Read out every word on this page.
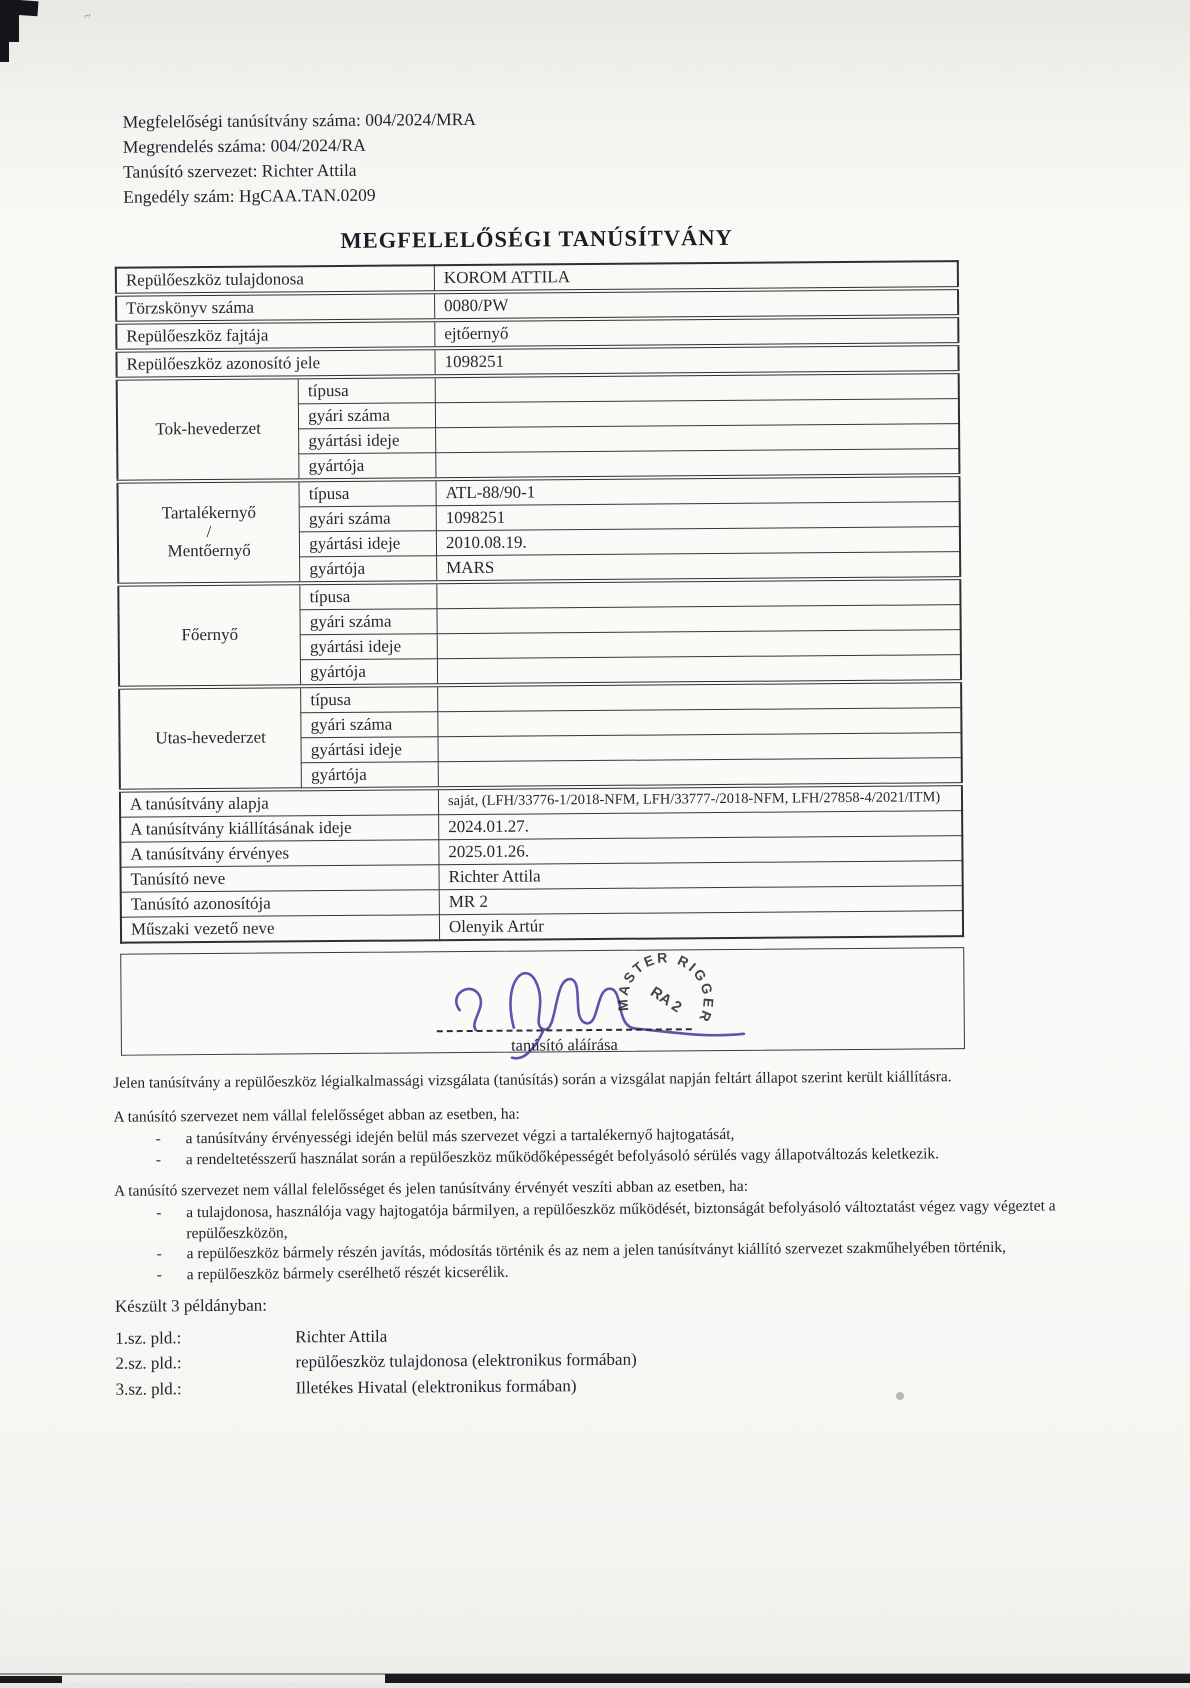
Megfelelőségi tanúsítvány száma: 004/2024/MRA
Megrendelés száma: 004/2024/RA
Tanúsító szervezet: Richter Attila
Engedély szám: HgCAA.TAN.0209
MEGFELELŐSÉGI TANÚSÍTVÁNY
Repülőeszköz tulajdonosa		KOROM ATTILA
Törzskönyv száma		0080/PW
Repülőeszköz fajtája		ejtőernyő
Repülőeszköz azonosító jele		1098251
Tok-hevederzet	típusa	
	gyári száma	
	gyártási ideje	
	gyártója	
Tartalékernyő
/
Mentőernyő	típusa	ATL-88/90-1
	gyári száma	1098251
	gyártási ideje	2010.08.19.
	gyártója	MARS
Főernyő	típusa	
	gyári száma	
	gyártási ideje	
	gyártója	
Utas-hevederzet	típusa	
	gyári száma	
	gyártási ideje	
	gyártója	
A tanúsítvány alapja		saját, (LFH/33776-1/2018-NFM, LFH/33777-/2018-NFM, LFH/27858-4/2021/ITM)
A tanúsítvány kiállításának ideje		2024.01.27.
A tanúsítvány érvényes		2025.01.26.
Tanúsító neve		Richter Attila
Tanúsító azonosítója		MR 2
Műszaki vezető neve		Olenyik Artúr
tanúsító aláírása
MASTER RIGGER
RA 2
Jelen tanúsítvány a repülőeszköz légialkalmassági vizsgálata (tanúsítás) során a vizsgálat napján feltárt állapot szerint került kiállításra.
A tanúsító szervezet nem vállal felelősséget abban az esetben, ha:
-	a tanúsítvány érvényességi idején belül más szervezet végzi a tartalékernyő hajtogatását,
-	a rendeltetésszerű használat során a repülőeszköz működőképességét befolyásoló sérülés vagy állapotváltozás keletkezik.
A tanúsító szervezet nem vállal felelősséget és jelen tanúsítvány érvényét veszíti abban az esetben, ha:
-	a tulajdonosa, használója vagy hajtogatója bármilyen, a repülőeszköz működését, biztonságát befolyásoló változtatást végez vagy végeztet a repülőeszközön,
-	a repülőeszköz bármely részén javítás, módosítás történik és az nem a jelen tanúsítványt kiállító szervezet szakműhelyében történik,
-	a repülőeszköz bármely cserélhető részét kicserélik.
Készült 3 példányban:
1.sz. pld.:	Richter Attila
2.sz. pld.:	repülőeszköz tulajdonosa (elektronikus formában)
3.sz. pld.:	Illetékes Hivatal (elektronikus formában)
~
